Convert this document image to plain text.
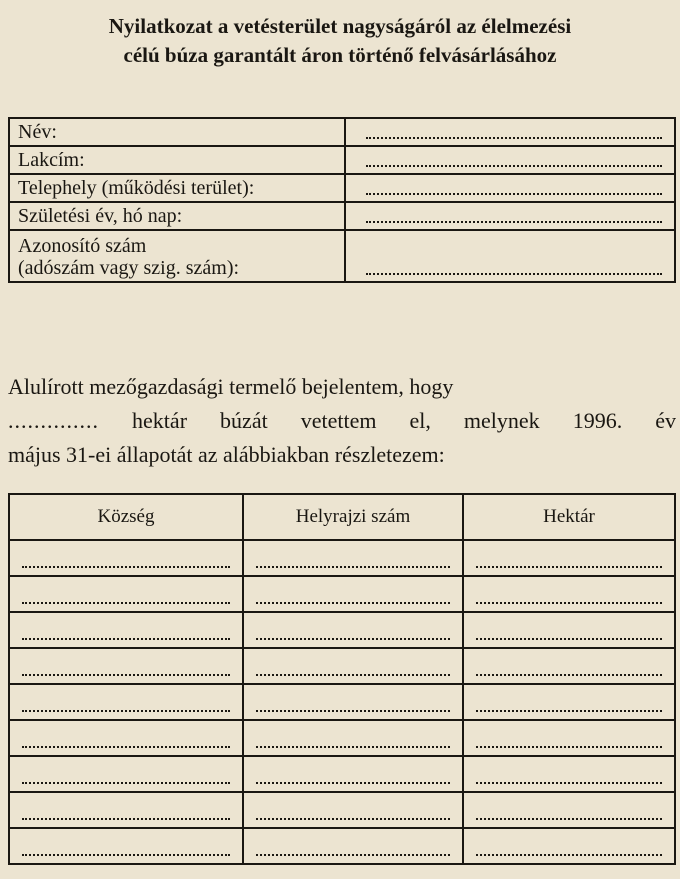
Nyilatkozat a vetésterület nagyságáról az élelmezési
célú búza garantált áron történő felvásárlásához
Név:	

Lakcím:	

Telephely (működési terület):	

Születési év, hó nap:	

Azonosító szám
(adószám vagy szig. szám):	

Alulírott mezőgazdasági termelő bejelentem, hogy
.............. hektár búzát vetettem el, melynek 1996. év
május 31-ei állapotát az alábbiakban részletezem:
Község	Helyrajzi szám	Hektár
